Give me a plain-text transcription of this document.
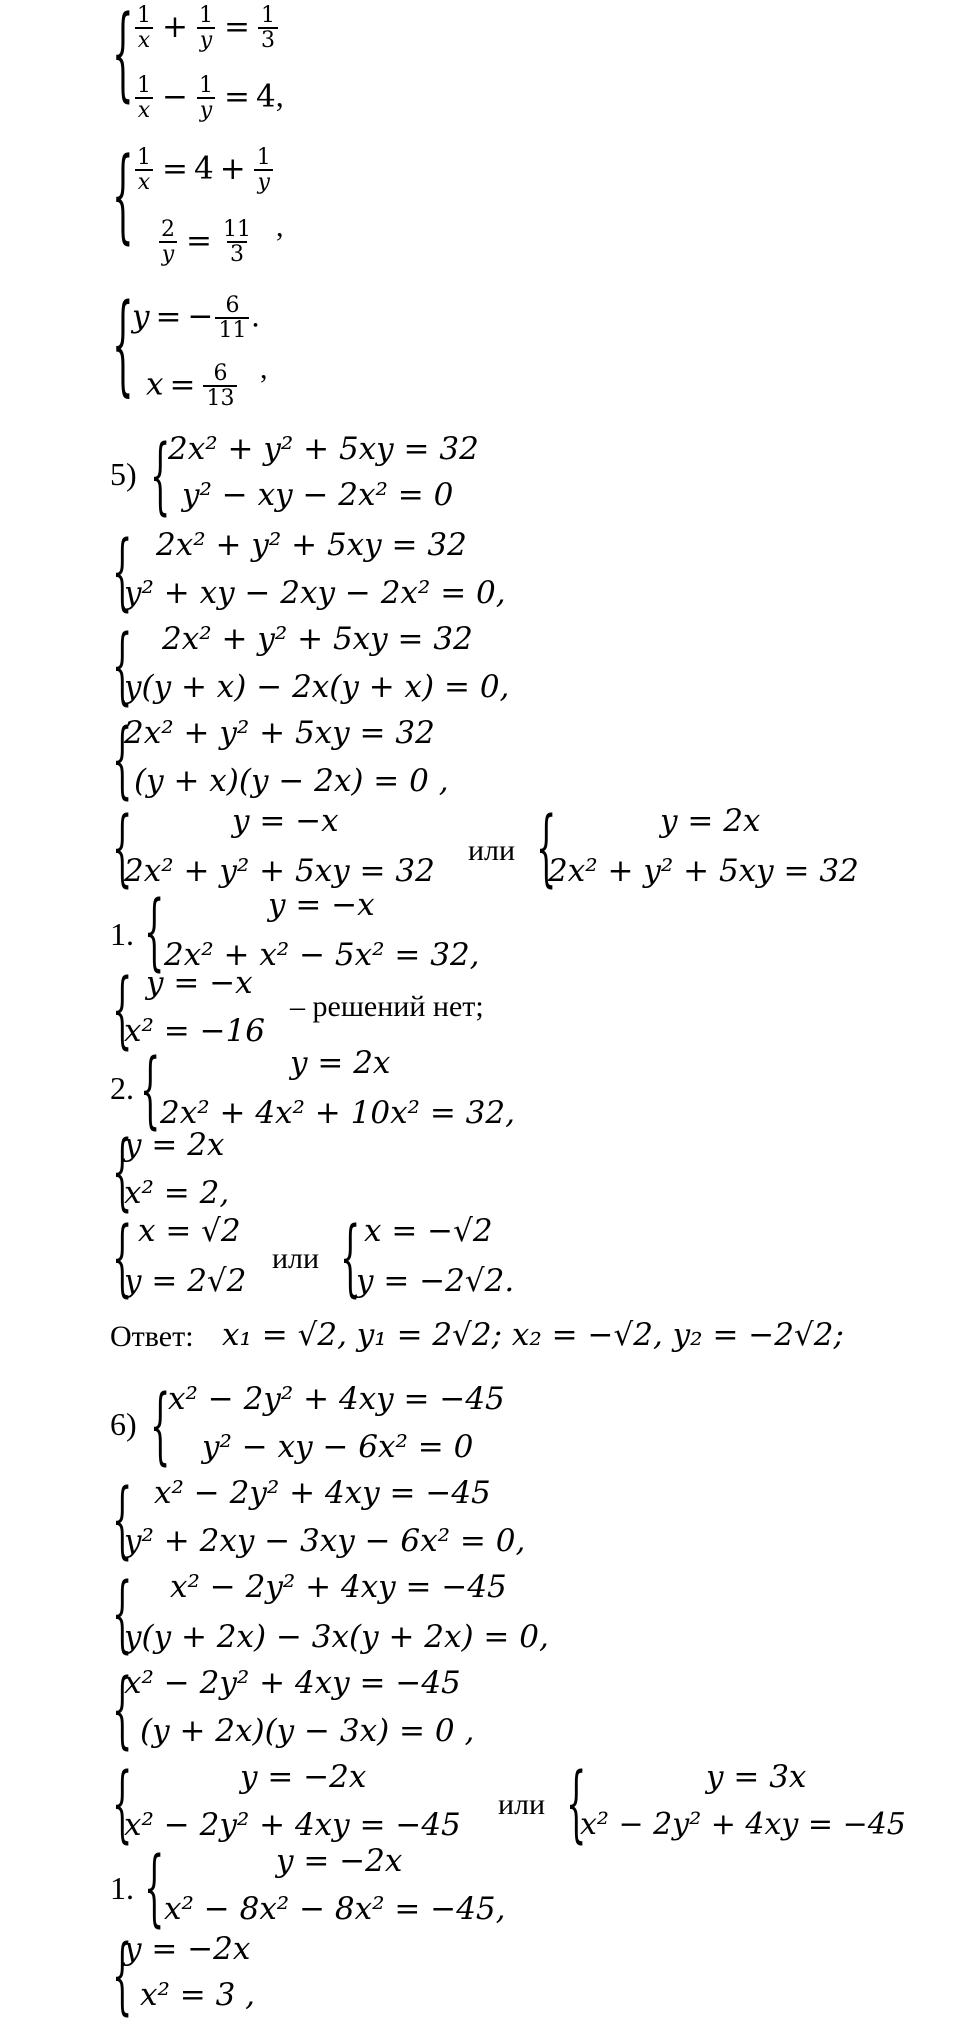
{ $\frac{1}{x} + \frac{1}{y} = \frac{1}{3}$
$\frac{1}{x} - \frac{1}{y} = 4$,
{ $\frac{1}{x} = 4 + \frac{1}{y}$
$\frac{2}{y} = \frac{11}{3}$ ,
{
y = − $\frac{6}{11}$ .
$x = \frac{6}{13}$ ,
5) {
2x² + y² + 5xy = 32
y² − xy − 2x² = 0
{ 2x² + y² + 5xy = 32
y² + xy − 2xy − 2x² = 0,
{ 2x² + y² + 5xy = 32
y(y + x) − 2x(y + x) = 0,
{
2x² + y² + 5xy = 32
(y + x)(y − 2x) = 0 ,
{	y = −x
2x² + y² + 5xy = 32
или {	y = 2x
2x² + y² + 5xy = 32
1. {	y = −x
2x² + x² − 5x² = 32,
{ y = −x
x² = −16
– решений нет;
2. {	y = 2x
2x² + 4x² + 10x² = 32,
{
y = 2x
x² = 2,
{ x = √2
y = 2√2
или { x = −√2
y = −2√2.
Ответ: x₁ = √2, y₁ = 2√2; x₂ = −√2, y₂ = −2√2;
6) {
x² − 2y² + 4xy = −45
y² − xy − 6x² = 0
{ x² − 2y² + 4xy = −45
y² + 2xy − 3xy − 6x² = 0,
{ x² − 2y² + 4xy = −45
y(y + 2x) − 3x(y + 2x) = 0,
{
x² − 2y² + 4xy = −45
(y + 2x)(y − 3x) = 0 ,
{	y = −2x
x² − 2y² + 4xy = −45
или {	y = 3x
x² − 2y² + 4xy = −45
1. {	y = −2x
x² − 8x² − 8x² = −45,
{
y = −2x
x² = 3 ,
